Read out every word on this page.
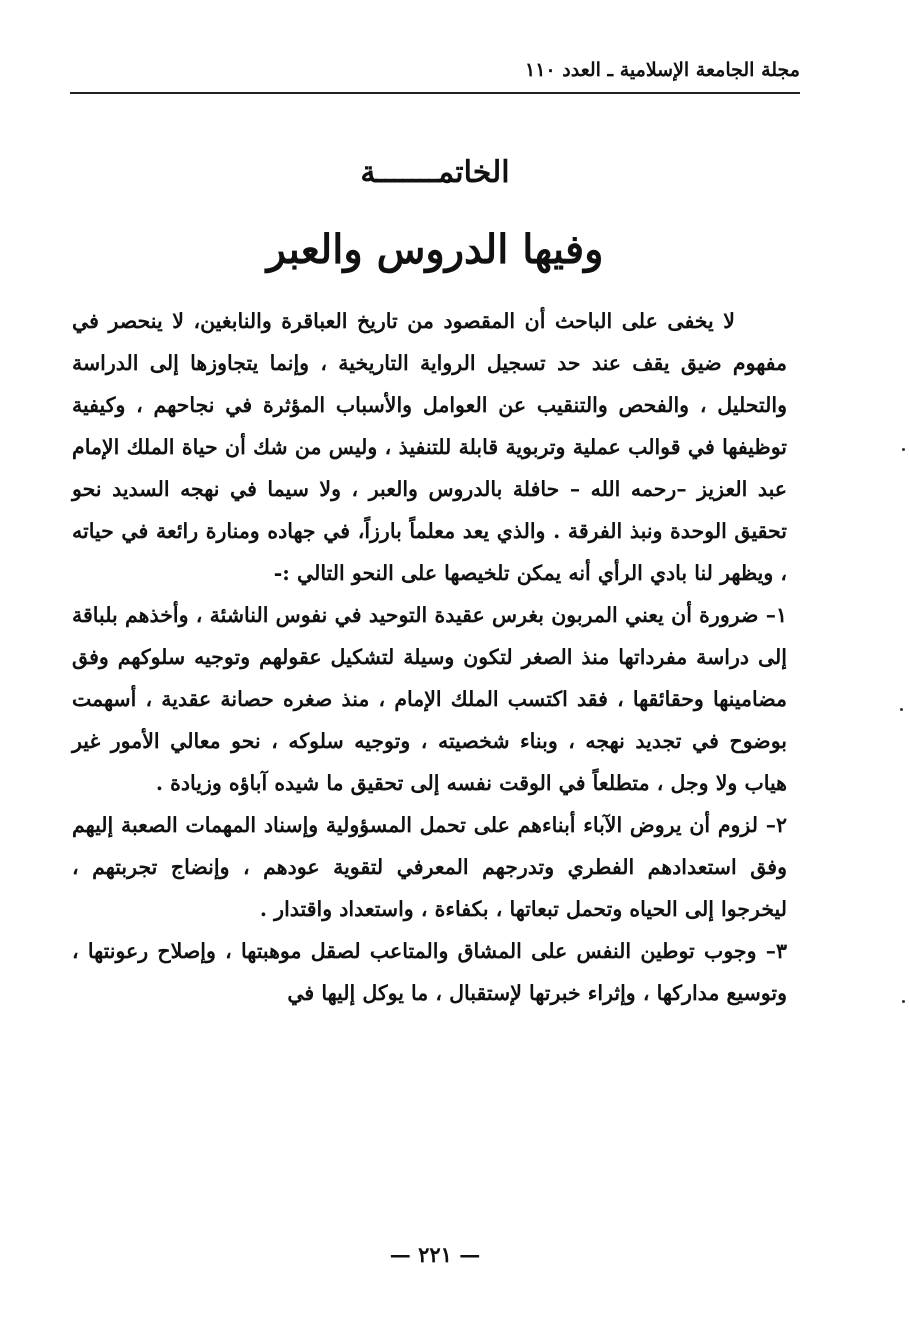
مجلة الجامعة الإسلامية ـ العدد ١١٠
الخاتمـــــــة
وفيها الدروس والعبر

لا يخفى على الباحث أن المقصود من تاريخ العباقرة والنابغين، لا ينحصر في مفهوم ضيق يقف عند حد تسجيل الرواية التاريخية ، وإنما يتجاوزها إلى الدراسة والتحليل ، والفحص والتنقيب عن العوامل والأسباب المؤثرة في نجاحهم ، وكيفية توظيفها في قوالب عملية وتربوية قابلة للتنفيذ ، وليس من شك أن حياة الملك الإمام عبد العزيز –رحمه الله – حافلة بالدروس والعبر ، ولا سيما في نهجه السديد نحو تحقيق الوحدة ونبذ الفرقة . والذي يعد معلماً بارزاً، في جهاده ومنارة رائعة في حياته ، ويظهر لنا بادي الرأي أنه يمكن تلخيصها على النحو التالي :-

١– ضرورة أن يعني المربون بغرس عقيدة التوحيد في نفوس الناشئة ، وأخذهم بلباقة إلى دراسة مفرداتها منذ الصغر لتكون وسيلة لتشكيل عقولهم وتوجيه سلوكهم وفق مضامينها وحقائقها ، فقد اكتسب الملك الإمام ، منذ صغره حصانة عقدية ، أسهمت بوضوح في تجديد نهجه ، وبناء شخصيته ، وتوجيه سلوكه ، نحو معالي الأمور غير هياب ولا وجل ، متطلعاً في الوقت نفسه إلى تحقيق ما شيده آباؤه وزيادة .

٢– لزوم أن يروض الآباء أبناءهم على تحمل المسؤولية وإسناد المهمات الصعبة إليهم وفق استعدادهم الفطري وتدرجهم المعرفي لتقوية عودهم ، وإنضاج تجربتهم ، ليخرجوا إلى الحياه وتحمل تبعاتها ، بكفاءة ، واستعداد واقتدار .

٣– وجوب توطين النفس على المشاق والمتاعب لصقل موهبتها ، وإصلاح رعونتها ، وتوسيع مداركها ، وإثراء خبرتها لإستقبال ، ما يوكل إليها في

— ٢٢١ —
